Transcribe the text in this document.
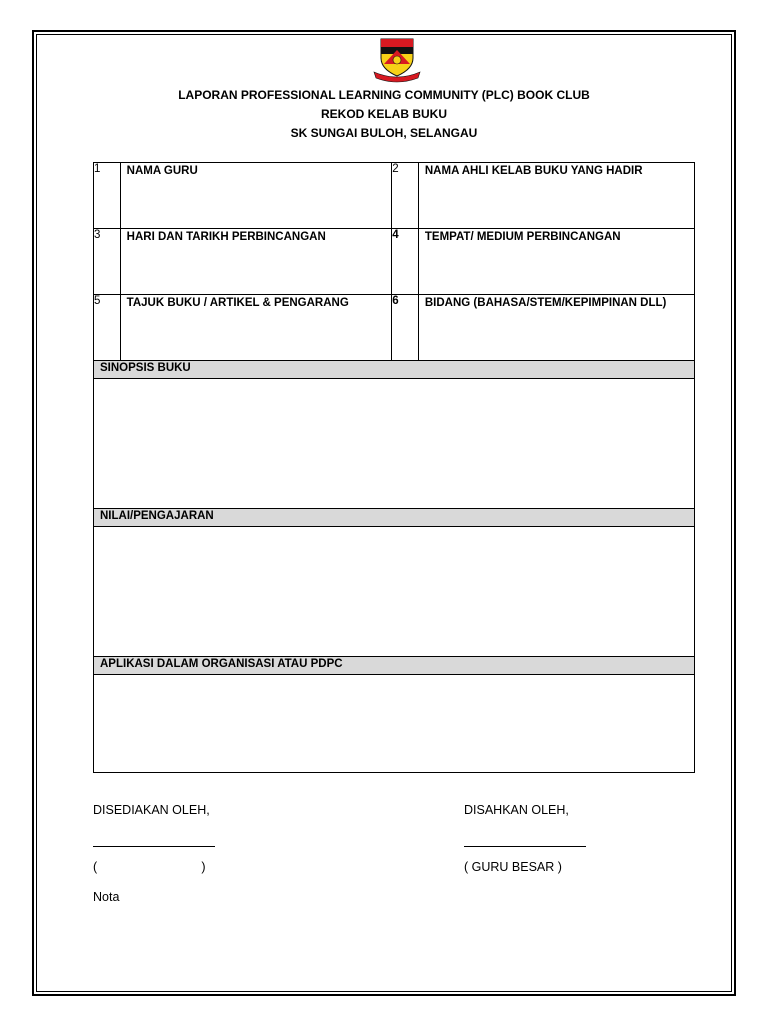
LAPORAN PROFESSIONAL LEARNING COMMUNITY (PLC) BOOK CLUB
REKOD KELAB BUKU
SK SUNGAI BULOH, SELANGAU
1	NAMA GURU	2	NAMA AHLI KELAB BUKU YANG HADIR
3	HARI DAN TARIKH PERBINCANGAN	4	TEMPAT/ MEDIUM PERBINCANGAN
5	TAJUK BUKU / ARTIKEL & PENGARANG	6	BIDANG (BAHASA/STEM/KEPIMPINAN DLL)
SINOPSIS BUKU			

NILAI/PENGAJARAN			

APLIKASI DALAM ORGANISASI ATAU PDPC			

DISEDIAKAN OLEH,	DISAHKAN OLEH,
(                              )	( GURU BESAR )
Nota
